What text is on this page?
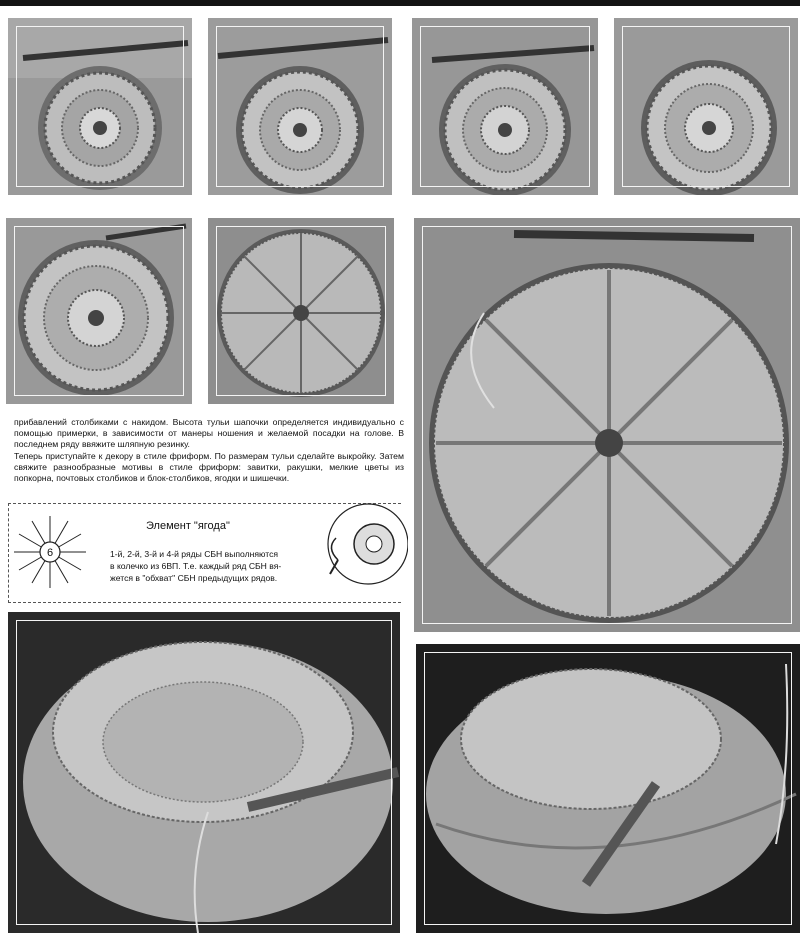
прибавлений столбиками с накидом. Высота тульи шапочки определяется индивидуально с помощью примерки, в зависимости от манеры ношения и желаемой посадки на голове. В последнем ряду ввяжите шляпную резинку.

Теперь приступайте к декору в стиле фриформ. По размерам тульи сделайте выкройку. Затем свяжите разнообразные мотивы в стиле фриформ: завитки, ракушки, мелкие цветы из попкорна, почтовых столбиков и блок-столбиков, ягодки и шишечки.

6
Элемент "ягода"
1-й, 2-й, 3-й и 4-й ряды СБН выполняются
в колечко из 6ВП. Т.е. каждый ряд СБН вя-
жется в "обхват" СБН предыдущих рядов.
